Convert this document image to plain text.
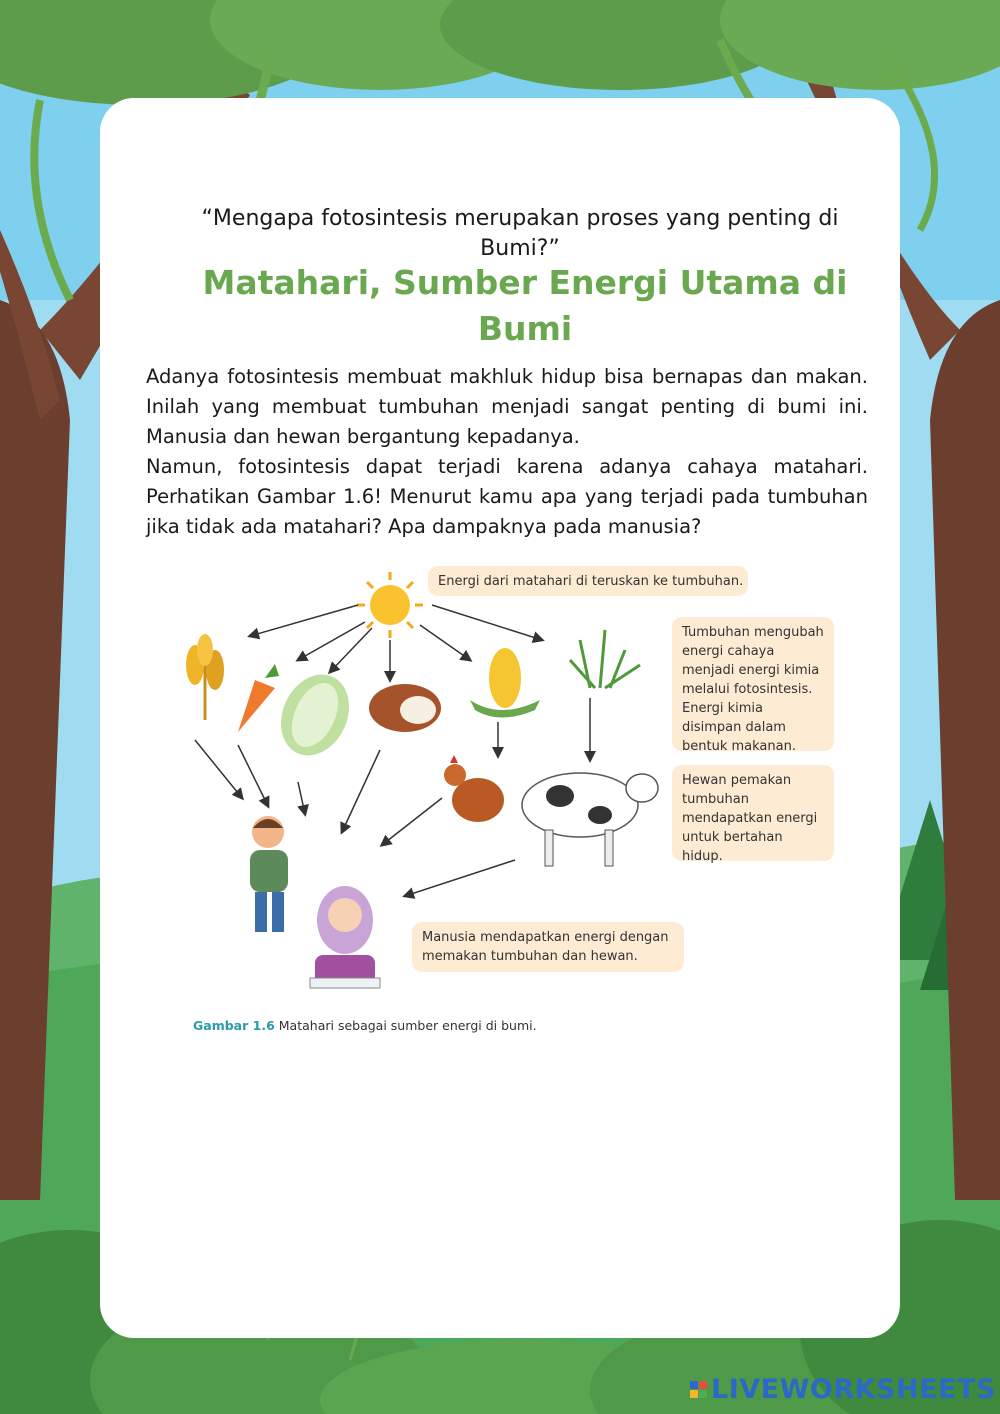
“Mengapa fotosintesis merupakan proses yang penting di Bumi?”
Matahari, Sumber Energi Utama di Bumi

Adanya fotosintesis membuat makhluk hidup bisa bernapas dan makan. Inilah yang membuat tumbuhan menjadi sangat penting di bumi ini. Manusia dan hewan bergantung kepadanya.

Namun, fotosintesis dapat terjadi karena adanya cahaya matahari. Perhatikan Gambar 1.6! Menurut kamu apa yang terjadi pada tumbuhan jika tidak ada matahari? Apa dampaknya pada manusia?

Energi dari matahari di teruskan ke tumbuhan.
Tumbuhan mengubah energi cahaya menjadi energi kimia melalui fotosintesis. Energi kimia disimpan dalam bentuk makanan.
Hewan pemakan tumbuhan mendapatkan energi untuk bertahan hidup.
Manusia mendapatkan energi dengan memakan tumbuhan dan hewan.
Gambar 1.6 Matahari sebagai sumber energi di bumi.
LIVEWORKSHEETS
